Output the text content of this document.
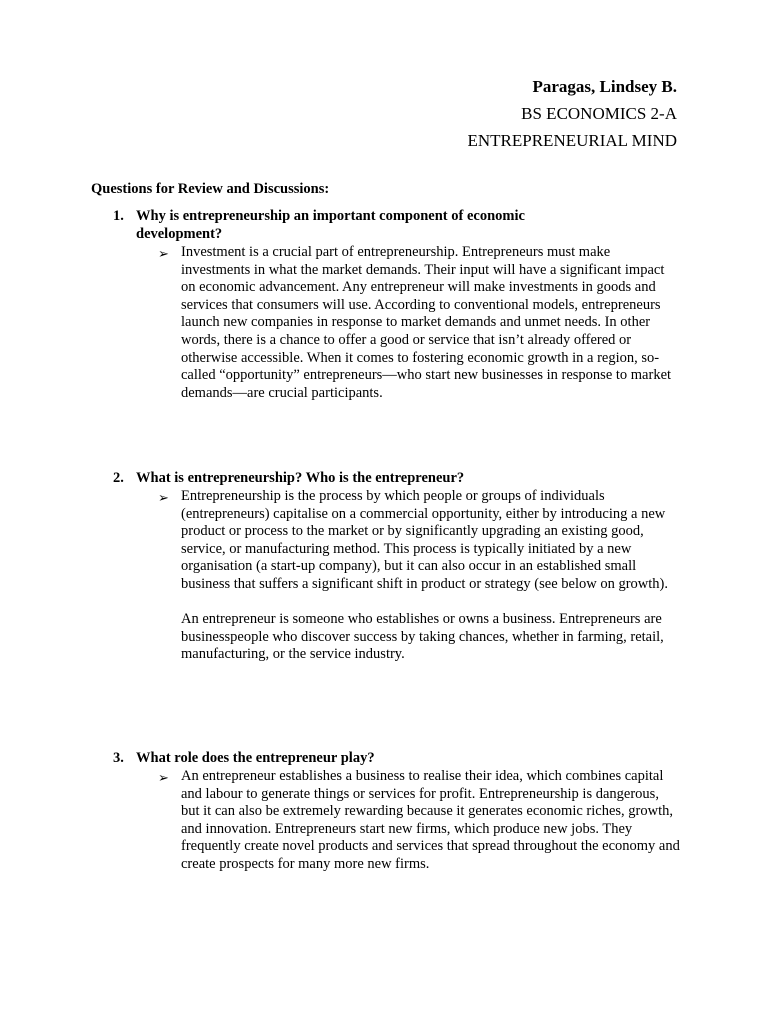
Paragas, Lindsey B.
BS ECONOMICS 2-A
ENTREPRENEURIAL MIND
Questions for Review and Discussions:
1. Why is entrepreneurship an important component of economic
development?
➢ Investment is a crucial part of entrepreneurship. Entrepreneurs must make investments in what the market demands. Their input will have a significant impact on economic advancement. Any entrepreneur will make investments in goods and services that consumers will use. According to conventional models, entrepreneurs launch new companies in response to market demands and unmet needs. In other words, there is a chance to offer a good or service that isn’t already offered or otherwise accessible. When it comes to fostering economic growth in a region, so-called “opportunity” entrepreneurs—who start new businesses in response to market demands—are crucial participants.
2. What is entrepreneurship? Who is the entrepreneur?
➢ Entrepreneurship is the process by which people or groups of individuals (entrepreneurs) capitalise on a commercial opportunity, either by introducing a new product or process to the market or by significantly upgrading an existing good, service, or manufacturing method. This process is typically initiated by a new organisation (a start-up company), but it can also occur in an established small business that suffers a significant shift in product or strategy (see below on growth).
An entrepreneur is someone who establishes or owns a business. Entrepreneurs are businesspeople who discover success by taking chances, whether in farming, retail, manufacturing, or the service industry.
3. What role does the entrepreneur play?
➢ An entrepreneur establishes a business to realise their idea, which combines capital and labour to generate things or services for profit. Entrepreneurship is dangerous, but it can also be extremely rewarding because it generates economic riches, growth, and innovation. Entrepreneurs start new firms, which produce new jobs. They frequently create novel products and services that spread throughout the economy and create prospects for many more new firms.
